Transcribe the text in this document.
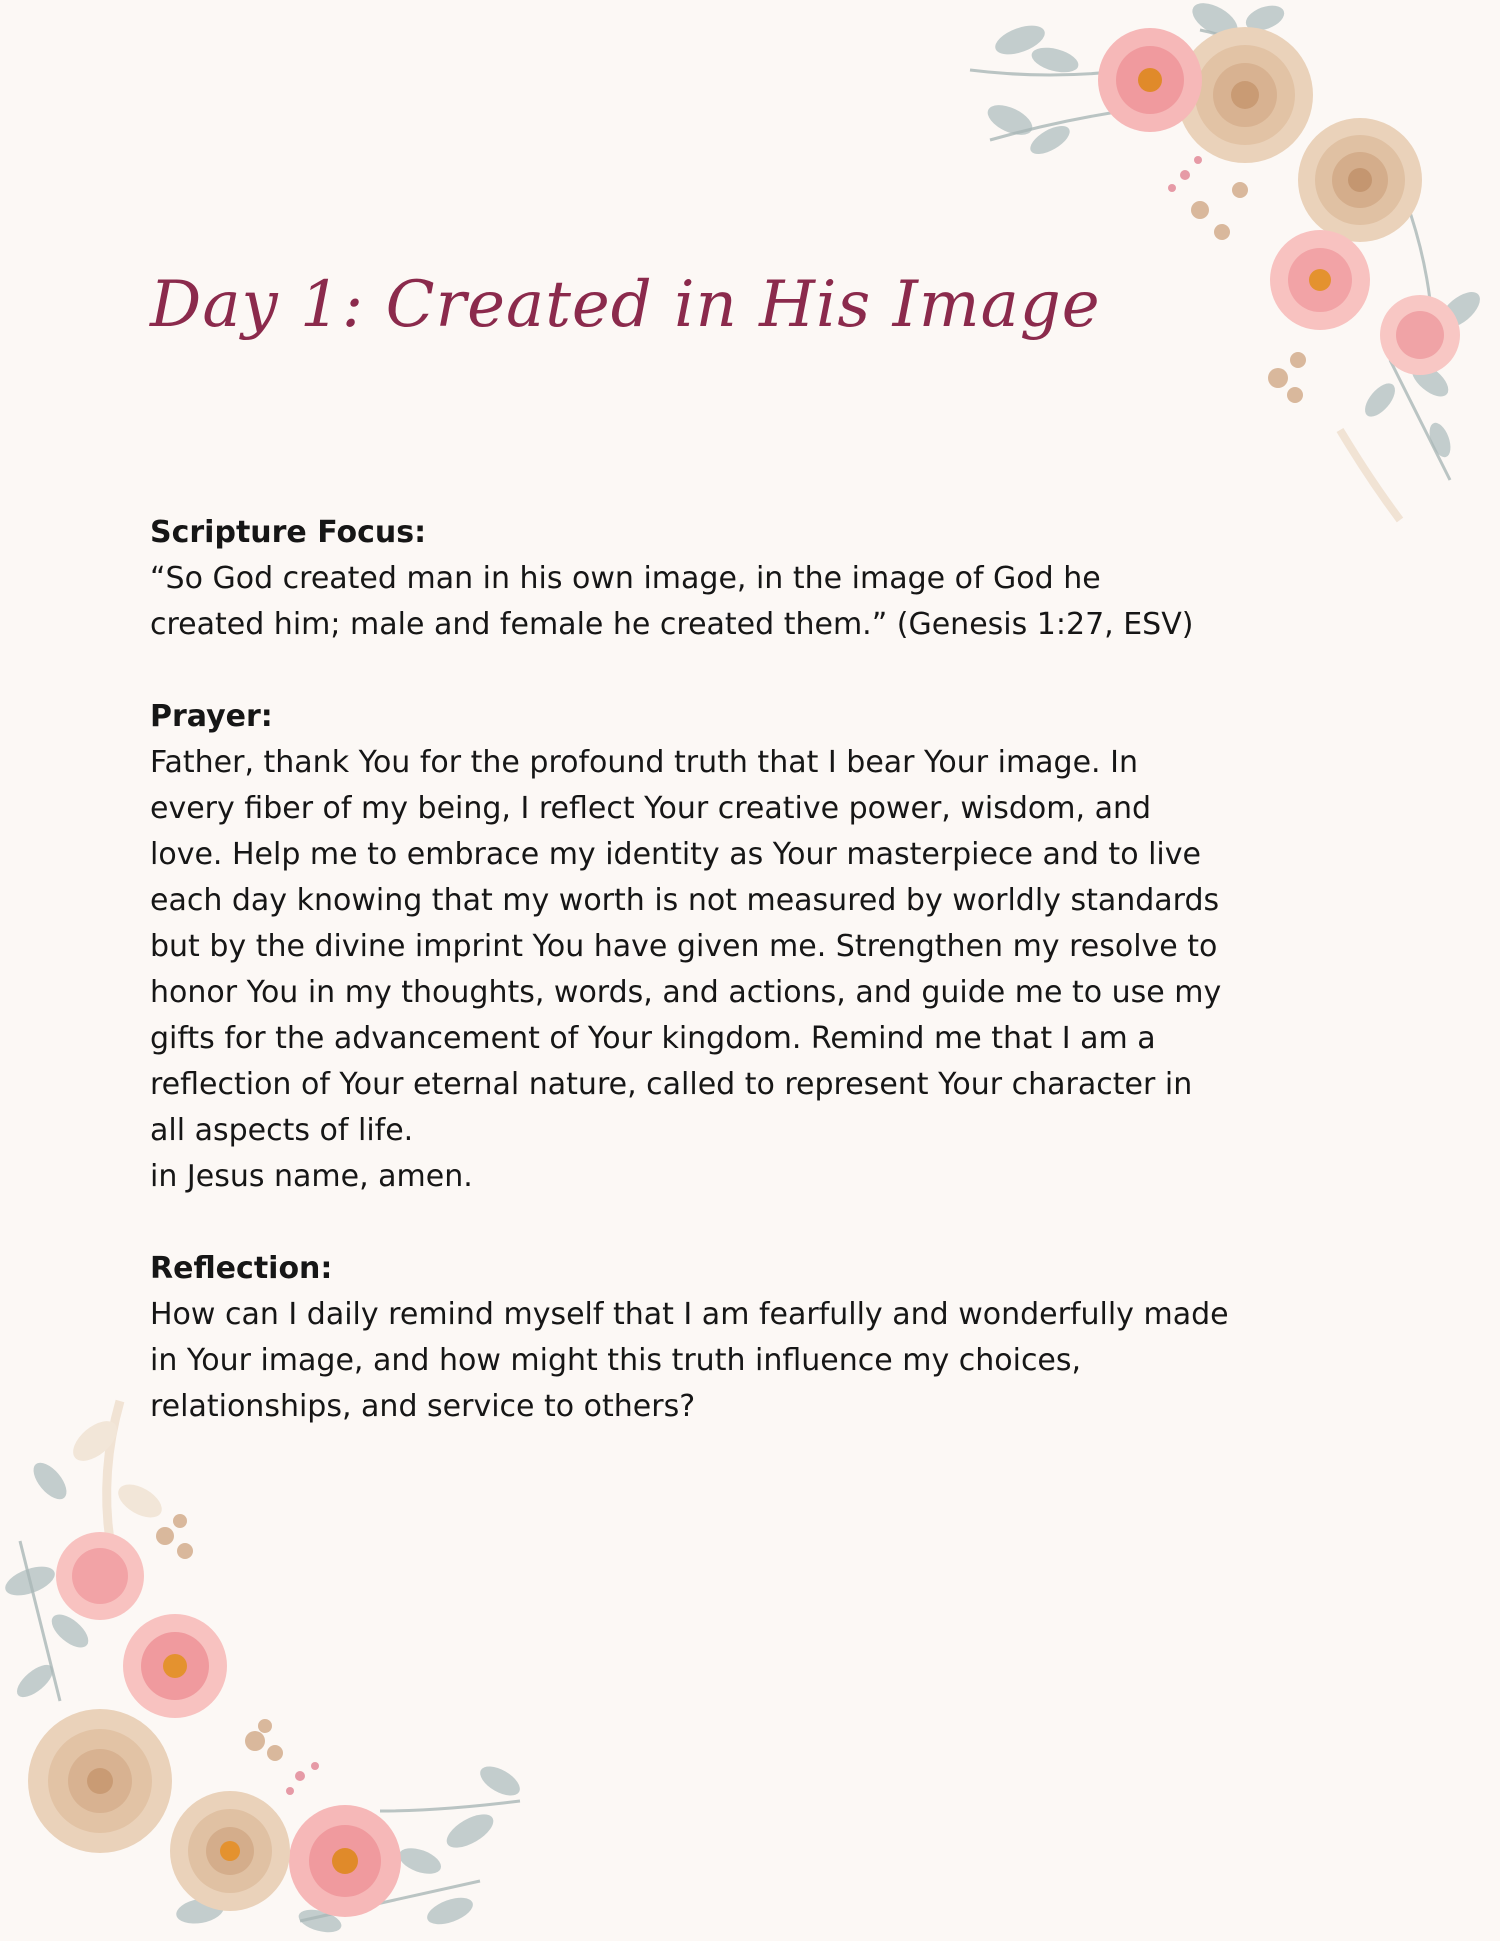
Day 1: Created in His Image
Scripture Focus:
“So God created man in his own image, in the image of God he
created him; male and female he created them.” (Genesis 1:27, ESV)
Prayer:
Father, thank You for the profound truth that I bear Your image. In
every fiber of my being, I reflect Your creative power, wisdom, and
love. Help me to embrace my identity as Your masterpiece and to live
each day knowing that my worth is not measured by worldly standards
but by the divine imprint You have given me. Strengthen my resolve to
honor You in my thoughts, words, and actions, and guide me to use my
gifts for the advancement of Your kingdom. Remind me that I am a
reflection of Your eternal nature, called to represent Your character in
all aspects of life.
in Jesus name, amen.
Reflection:
How can I daily remind myself that I am fearfully and wonderfully made
in Your image, and how might this truth influence my choices,
relationships, and service to others?
